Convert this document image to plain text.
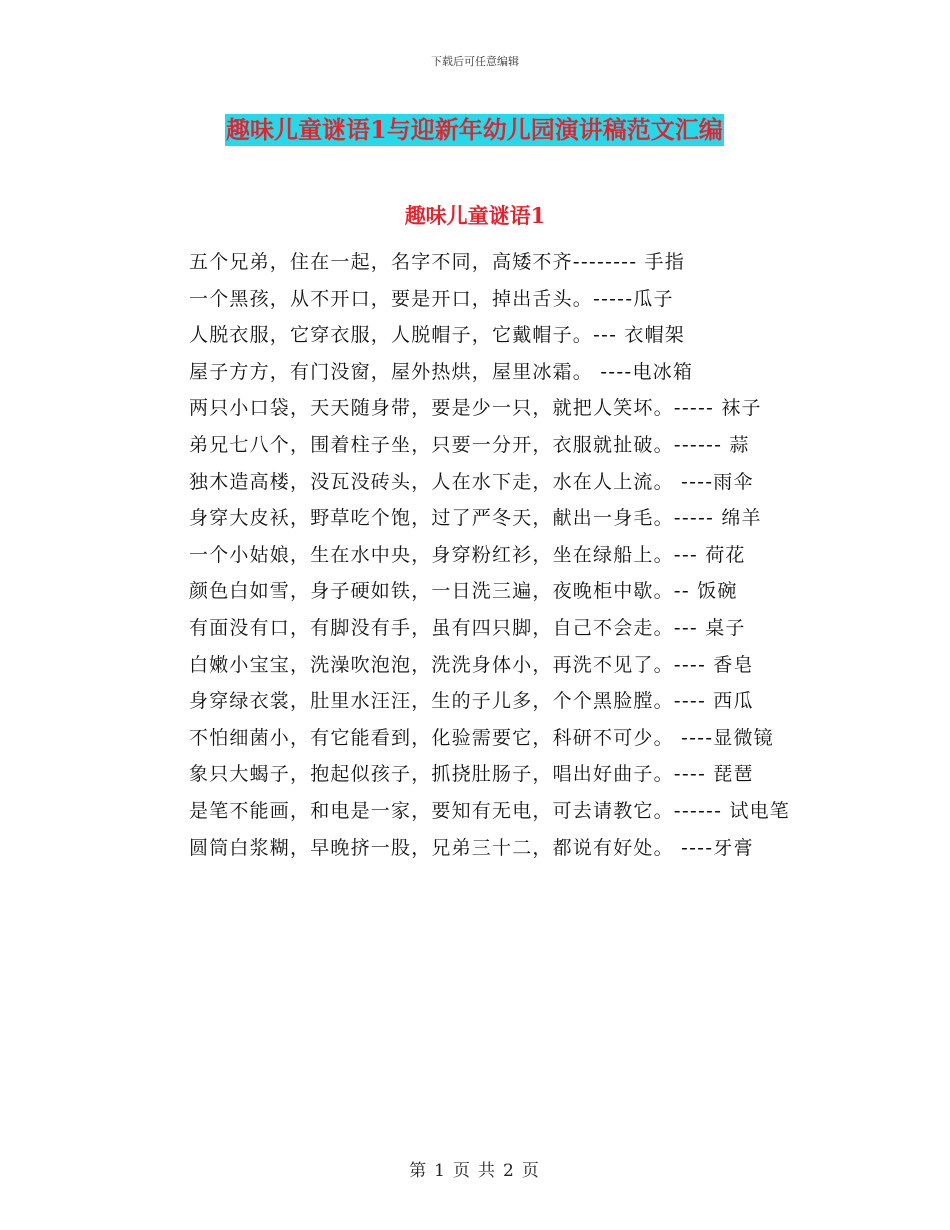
下载后可任意编辑
趣味儿童谜语1与迎新年幼儿园演讲稿范文汇编
趣味儿童谜语1

五个兄弟，住在一起，名字不同，高矮不齐-------- 手指

一个黑孩，从不开口，要是开口，掉出舌头。-----瓜子

人脱衣服，它穿衣服，人脱帽子，它戴帽子。--- 衣帽架

屋子方方，有门没窗，屋外热烘，屋里冰霜。 ----电冰箱

两只小口袋，天天随身带，要是少一只，就把人笑坏。----- 袜子

弟兄七八个，围着柱子坐，只要一分开，衣服就扯破。------ 蒜

独木造高楼，没瓦没砖头，人在水下走，水在人上流。 ----雨伞

身穿大皮袄，野草吃个饱，过了严冬天，献出一身毛。----- 绵羊

一个小姑娘，生在水中央，身穿粉红衫，坐在绿船上。--- 荷花

颜色白如雪，身子硬如铁，一日洗三遍，夜晚柜中歇。-- 饭碗

有面没有口，有脚没有手，虽有四只脚，自己不会走。--- 桌子

白嫩小宝宝，洗澡吹泡泡，洗洗身体小，再洗不见了。---- 香皂

身穿绿衣裳，肚里水汪汪，生的子儿多，个个黑脸膛。---- 西瓜

不怕细菌小，有它能看到，化验需要它，科研不可少。 ----显微镜

象只大蝎子，抱起似孩子，抓挠肚肠子，唱出好曲子。---- 琵琶

是笔不能画，和电是一家，要知有无电，可去请教它。------ 试电笔

圆筒白浆糊，早晚挤一股，兄弟三十二，都说有好处。 ----牙膏

第 1 页 共 2 页
